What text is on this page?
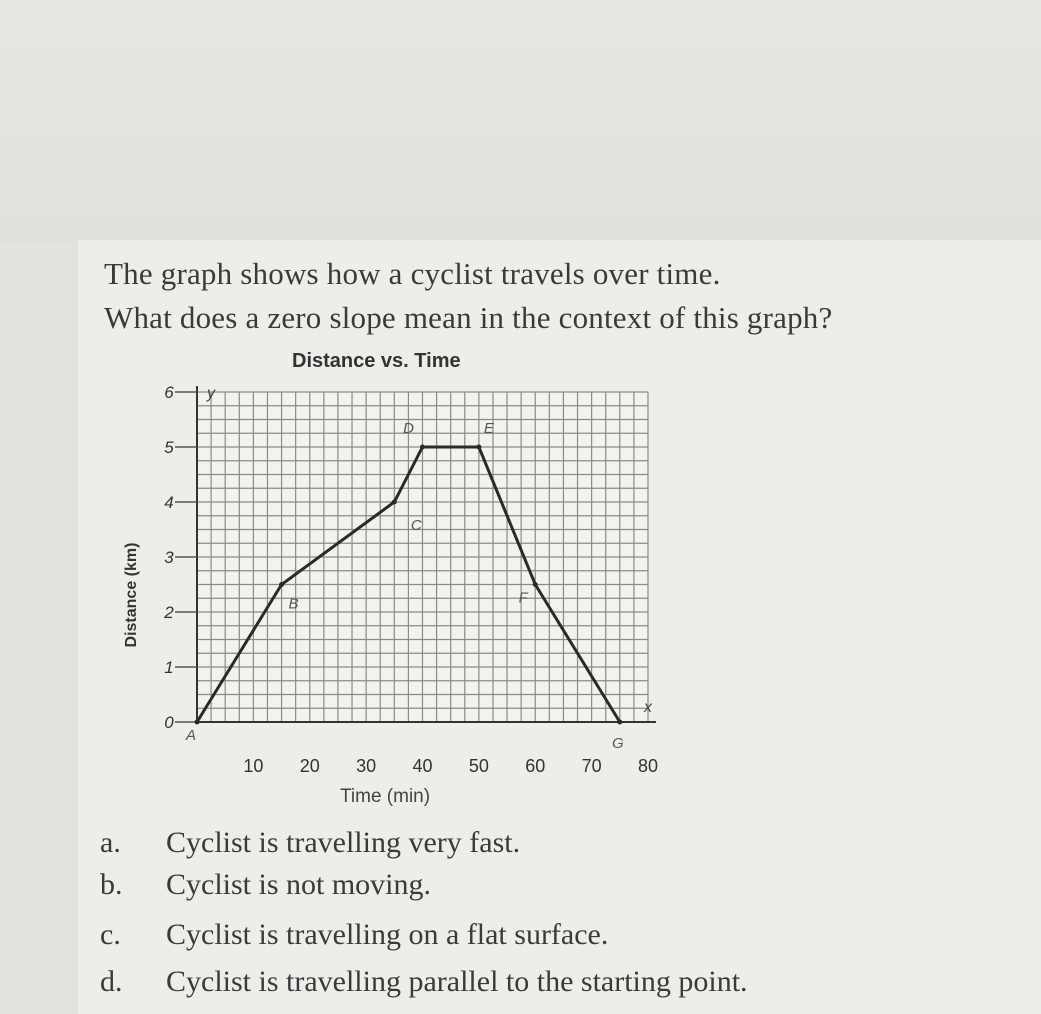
The graph shows how a cyclist travels over time.
What does a zero slope mean in the context of this graph?
Distance vs. Time
Distance (km)
0
1
2
3
4
5
6
10 20 30 40 50 60 70 80
y
x
A
B
C
D	E
F
G
Time (min)
a. Cyclist is travelling very fast.
b. Cyclist is not moving.
c. Cyclist is travelling on a flat surface.
d. Cyclist is travelling parallel to the starting point.
